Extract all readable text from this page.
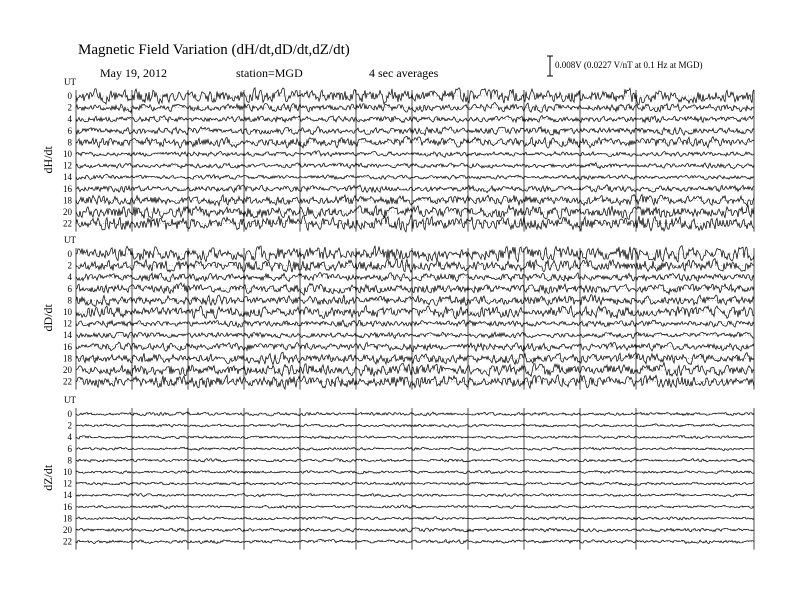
Magnetic Field Variation (dH/dt,dD/dt,dZ/dt)
May 19, 2012	station=MGD	4 sec averages
0.008V (0.0227 V/nT at 0.1 Hz at MGD)
UT
dH/dt
0
2
4
6
8
10
12
14
16
18
20
22
UT
dD/dt
0
2
4
6
8
10
12
14
16
18
20
22
UT
dZ/dt
0
2
4
6
8
10
12
14
16
18
20
22
